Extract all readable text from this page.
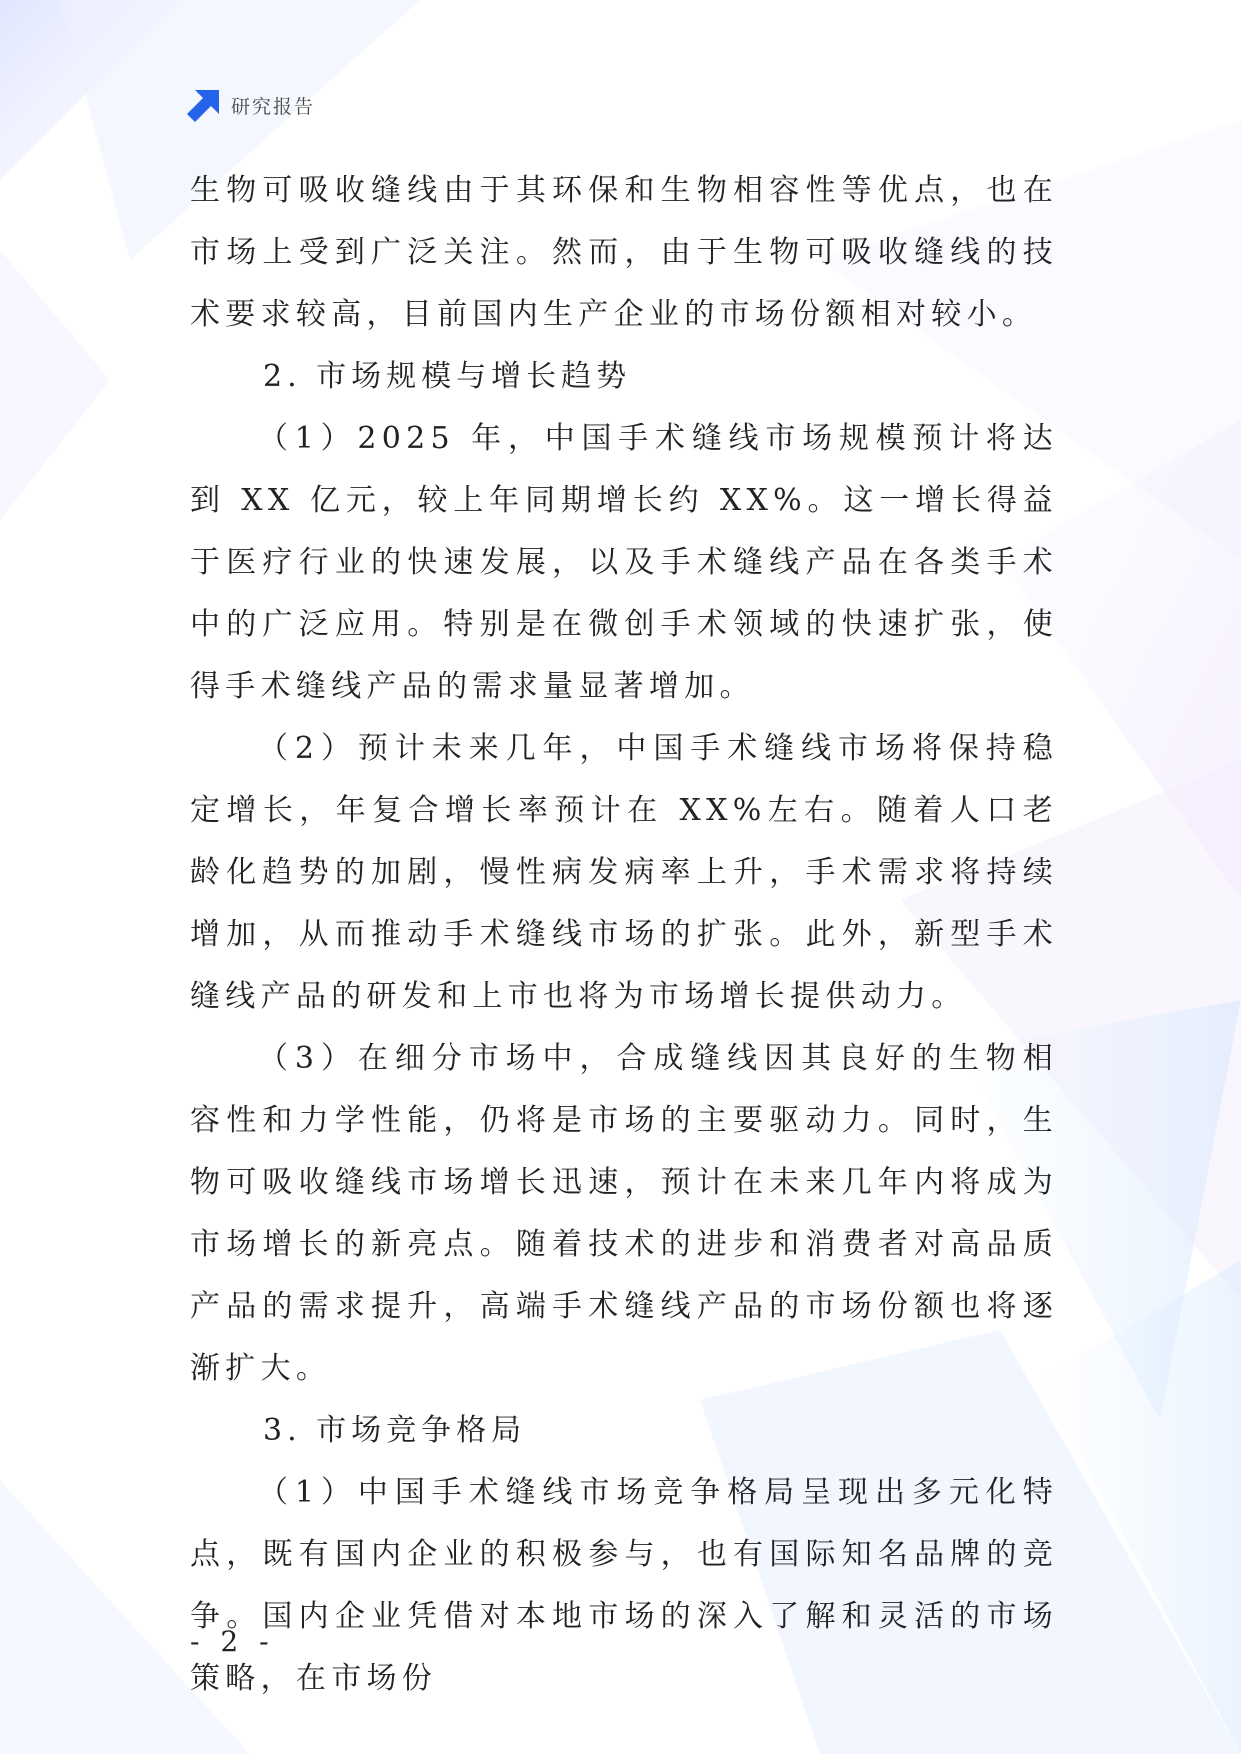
研究报告

生物可吸收缝线由于其环保和生物相容性等优点，也在市场上受到广泛关注。然而，由于生物可吸收缝线的技术要求较高，目前国内生产企业的市场份额相对较小。

2. 市场规模与增长趋势

（1）2025 年，中国手术缝线市场规模预计将达到 XX 亿元，较上年同期增长约 XX%。这一增长得益于医疗行业的快速发展，以及手术缝线产品在各类手术中的广泛应用。特别是在微创手术领域的快速扩张，使得手术缝线产品的需求量显著增加。

（2）预计未来几年，中国手术缝线市场将保持稳定增长，年复合增长率预计在 XX%左右。随着人口老龄化趋势的加剧，慢性病发病率上升，手术需求将持续增加，从而推动手术缝线市场的扩张。此外，新型手术缝线产品的研发和上市也将为市场增长提供动力。

（3）在细分市场中，合成缝线因其良好的生物相容性和力学性能，仍将是市场的主要驱动力。同时，生物可吸收缝线市场增长迅速，预计在未来几年内将成为市场增长的新亮点。随着技术的进步和消费者对高品质产品的需求提升，高端手术缝线产品的市场份额也将逐渐扩大。

3. 市场竞争格局

（1）中国手术缝线市场竞争格局呈现出多元化特点，既有国内企业的积极参与，也有国际知名品牌的竞争。国内企业凭借对本地市场的深入了解和灵活的市场策略，在市场份

- 2 -
